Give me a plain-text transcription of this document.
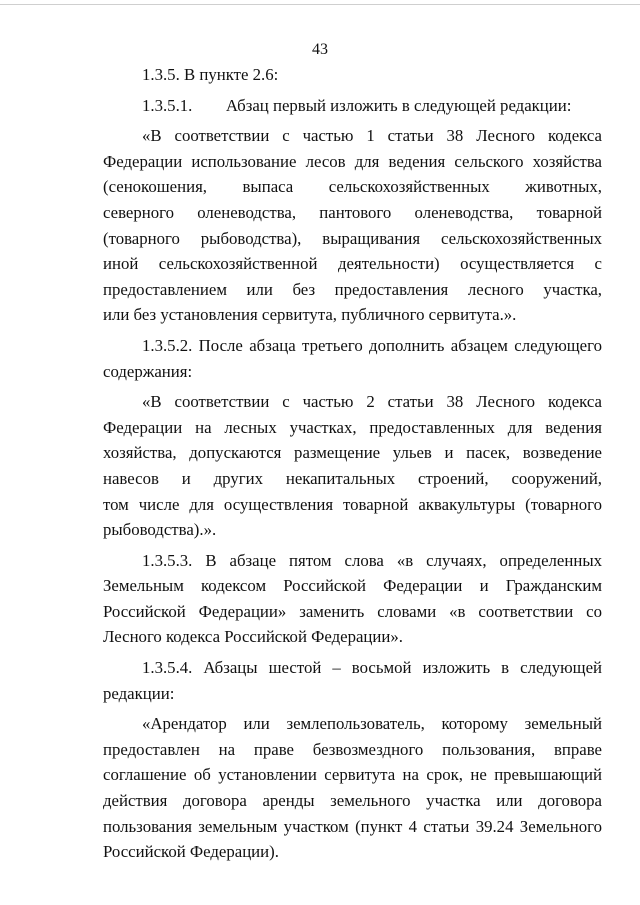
43
1.3.5. В пункте 2.6:
1.3.5.1.        Абзац первый изложить в следующей редакции:
«В соответствии с частью 1 статьи 38 Лесного кодекса
Федерации использование лесов для ведения сельского хозяйства
(сенокошения, выпаса сельскохозяйственных животных,
северного оленеводства, пантового оленеводства, товарной
(товарного рыбоводства), выращивания сельскохозяйственных
иной сельскохозяйственной деятельности) осуществляется с
предоставлением или без предоставления лесного участка,
или без установления сервитута, публичного сервитута.».
1.3.5.2. После абзаца третьего дополнить абзацем следующего
содержания:
«В соответствии с частью 2 статьи 38 Лесного кодекса
Федерации на лесных участках, предоставленных для ведения
хозяйства, допускаются размещение ульев и пасек, возведение
навесов и других некапитальных строений, сооружений,
том числе для осуществления товарной аквакультуры (товарного
рыбоводства).».
1.3.5.3. В абзаце пятом слова «в случаях, определенных
Земельным кодексом Российской Федерации и Гражданским
Российской Федерации» заменить словами «в соответствии со
Лесного кодекса Российской Федерации».
1.3.5.4. Абзацы шестой – восьмой изложить в следующей
редакции:
«Арендатор или землепользователь, которому земельный
предоставлен на праве безвозмездного пользования, вправе
соглашение об установлении сервитута на срок, не превышающий
действия договора аренды земельного участка или договора
пользования земельным участком (пункт 4 статьи 39.24 Земельного
Российской Федерации).
